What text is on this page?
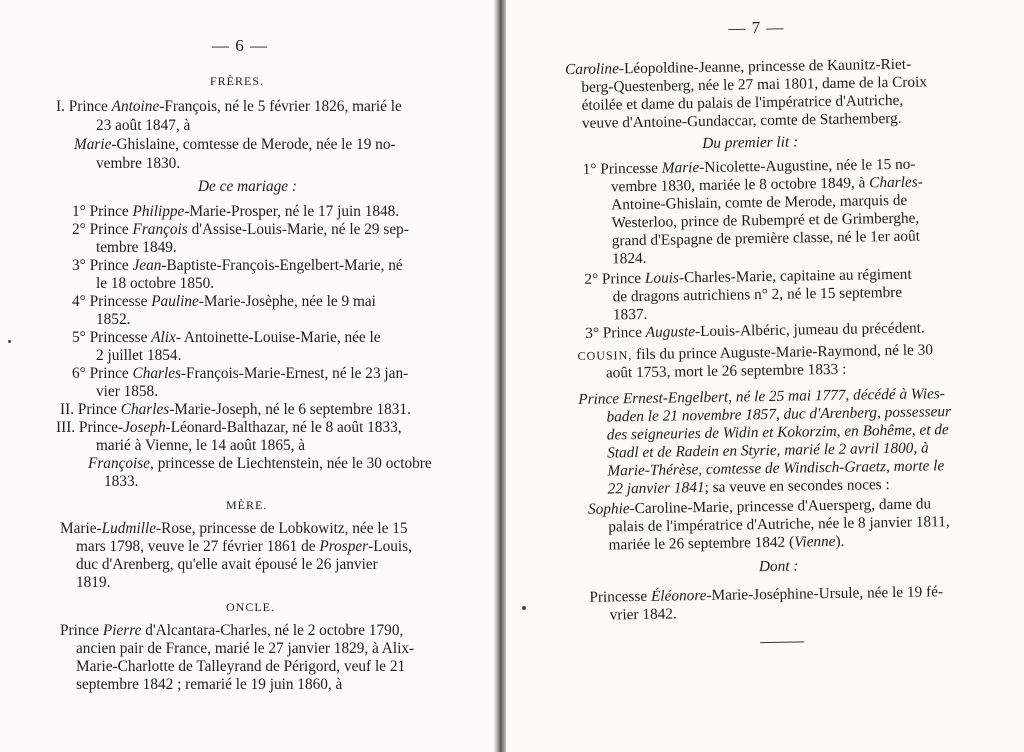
— 6 —
FRÈRES.
I. Prince Antoine-François, né le 5 février 1826, marié le
23 août 1847, à
Marie-Ghislaine, comtesse de Merode, née le 19 no-
vembre 1830.
De ce mariage :
1° Prince Philippe-Marie-Prosper, né le 17 juin 1848.
2° Prince François d'Assise-Louis-Marie, né le 29 sep-
tembre 1849.
3° Prince Jean-Baptiste-François-Engelbert-Marie, né
le 18 octobre 1850.
4° Princesse Pauline-Marie-Josèphe, née le 9 mai
1852.
5° Princesse Alix- Antoinette-Louise-Marie, née le
2 juillet 1854.
6° Prince Charles-François-Marie-Ernest, né le 23 jan-
vier 1858.
II. Prince Charles-Marie-Joseph, né le 6 septembre 1831.
III. Prince-Joseph-Léonard-Balthazar, né le 8 août 1833,
marié à Vienne, le 14 août 1865, à
Françoise, princesse de Liechtenstein, née le 30 octobre
1833.
MÈRE.
Marie-Ludmille-Rose, princesse de Lobkowitz, née le 15
mars 1798, veuve le 27 février 1861 de Prosper-Louis,
duc d'Arenberg, qu'elle avait épousé le 26 janvier
1819.
ONCLE.
Prince Pierre d'Alcantara-Charles, né le 2 octobre 1790,
ancien pair de France, marié le 27 janvier 1829, à Alix-
Marie-Charlotte de Talleyrand de Périgord, veuf le 21
septembre 1842 ; remarié le 19 juin 1860, à
— 7 —
Caroline-Léopoldine-Jeanne, princesse de Kaunitz-Riet-
berg-Questenberg, née le 27 mai 1801, dame de la Croix
étoilée et dame du palais de l'impératrice d'Autriche,
veuve d'Antoine-Gundaccar, comte de Starhemberg.
Du premier lit :
1° Princesse Marie-Nicolette-Augustine, née le 15 no-
vembre 1830, mariée le 8 octobre 1849, à Charles-
Antoine-Ghislain, comte de Merode, marquis de
Westerloo, prince de Rubempré et de Grimberghe,
grand d'Espagne de première classe, né le 1er août
1824.
2° Prince Louis-Charles-Marie, capitaine au régiment
de dragons autrichiens n° 2, né le 15 septembre
1837.
3° Prince Auguste-Louis-Albéric, jumeau du précédent.
COUSIN, fils du prince Auguste-Marie-Raymond, né le 30
août 1753, mort le 26 septembre 1833 :
Prince Ernest-Engelbert, né le 25 mai 1777, décédé à Wies-
baden le 21 novembre 1857, duc d'Arenberg, possesseur
des seigneuries de Widin et Kokorzim, en Bohême, et de
Stadl et de Radein en Styrie, marié le 2 avril 1800, à
Marie-Thérèse, comtesse de Windisch-Graetz, morte le
22 janvier 1841; sa veuve en secondes noces :
Sophie-Caroline-Marie, princesse d'Auersperg, dame du
palais de l'impératrice d'Autriche, née le 8 janvier 1811,
mariée le 26 septembre 1842 (Vienne).
Dont :
Princesse Éléonore-Marie-Joséphine-Ursule, née le 19 fé-
vrier 1842.
